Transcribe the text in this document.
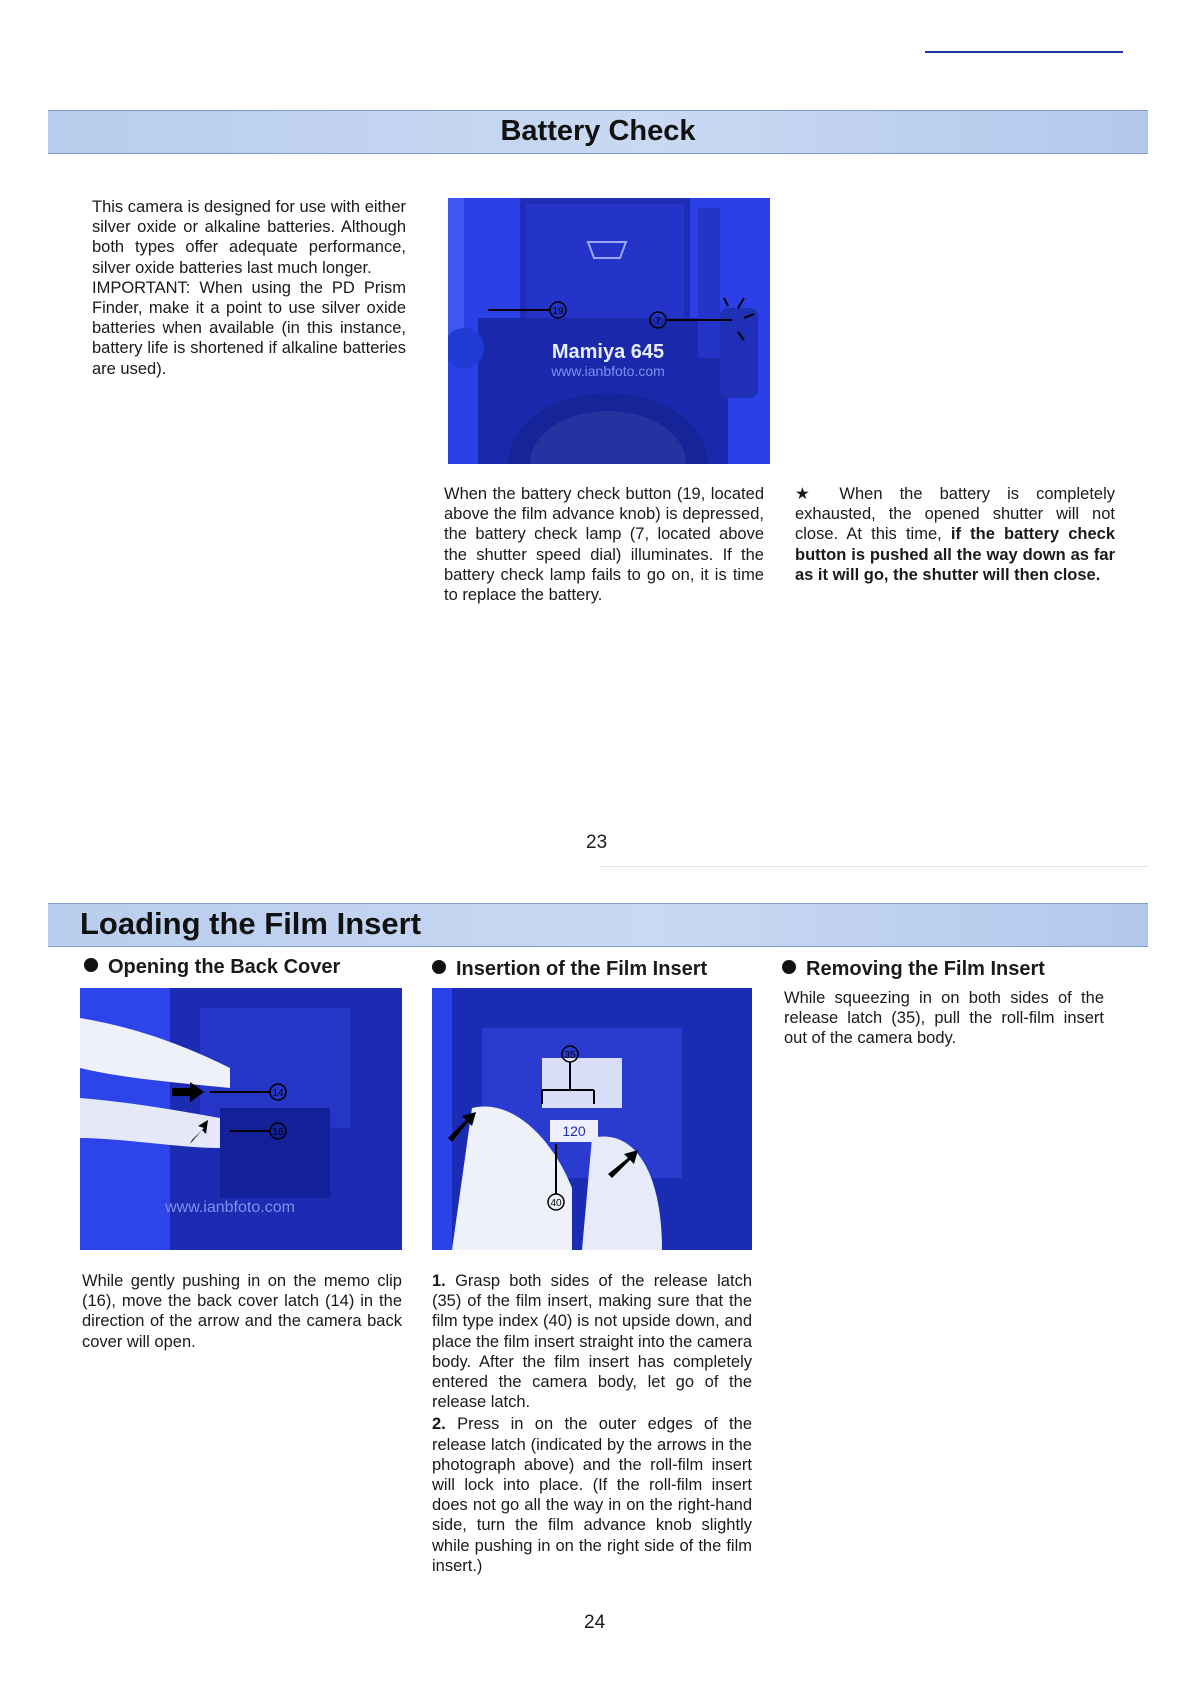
Battery Check

This camera is designed for use with either silver oxide or alkaline batteries. Although both types offer adequate performance, silver oxide batteries last much longer.

IMPORTANT: When using the PD Prism Finder, make it a point to use silver oxide batteries when available (in this instance, battery life is shortened if alkaline batteries are used).

19
7
Mamiya 645
www.ianbfoto.com

When the battery check button (19, located above the film advance knob) is depressed, the battery check lamp (7, located above the shutter speed dial) illuminates. If the battery check lamp fails to go on, it is time to replace the battery.

★ When the battery is completely exhausted, the opened shutter will not close. At this time, if the battery check button is pushed all the way down as far as it will go, the shutter will then close.

23
Loading the Film Insert
Opening the Back Cover
14
16
www.ianbfoto.com

While gently pushing in on the memo clip (16), move the back cover latch (14) in the direction of the arrow and the camera back cover will open.

Insertion of the Film Insert
120
35
40

1. Grasp both sides of the release latch (35) of the film insert, making sure that the film type index (40) is not upside down, and place the film insert straight into the camera body. After the film insert has completely entered the camera body, let go of the release latch.

2. Press in on the outer edges of the release latch (indicated by the arrows in the photograph above) and the roll-film insert will lock into place. (If the roll-film insert does not go all the way in on the right-hand side, turn the film advance knob slightly while pushing in on the right side of the film insert.)

Removing the Film Insert

While squeezing in on both sides of the release latch (35), pull the roll-film insert out of the camera body.

24
